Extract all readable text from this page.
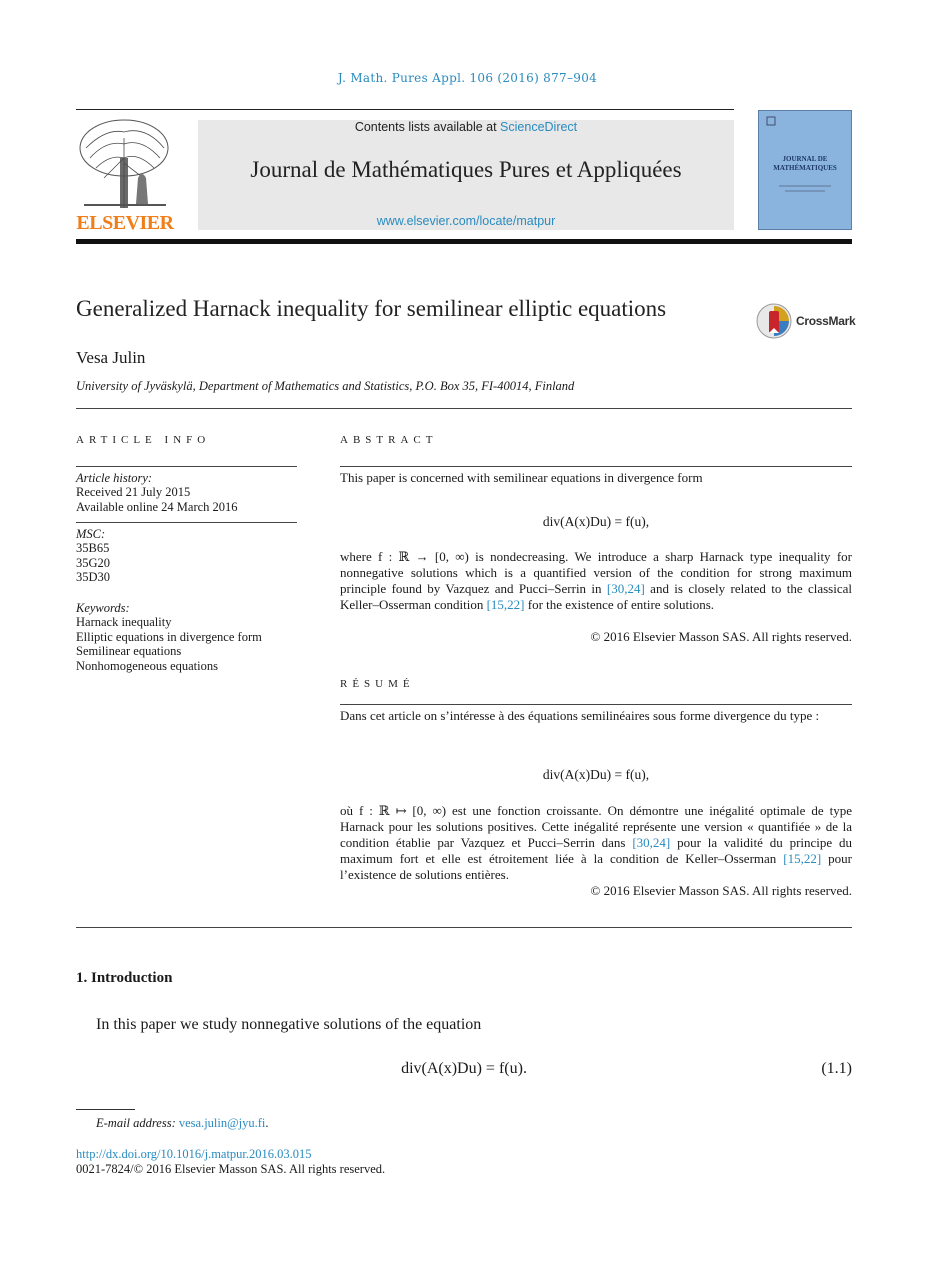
J. Math. Pures Appl. 106 (2016) 877–904
ELSEVIER
Contents lists available at ScienceDirect
Journal de Mathématiques Pures et Appliquées
www.elsevier.com/locate/matpur
JOURNAL DE MATHÉMATIQUES
Generalized Harnack inequality for semilinear elliptic equations	CrossMark
Vesa Julin
University of Jyväskylä, Department of Mathematics and Statistics, P.O. Box 35, FI-40014, Finland
ARTICLE INFO
Article history:
Received 21 July 2015
Available online 24 March 2016
MSC:
35B65
35G20
35D30
Keywords:
Harnack inequality
Elliptic equations in divergence form
Semilinear equations
Nonhomogeneous equations
ABSTRACT
This paper is concerned with semilinear equations in divergence form
div(A(x)Du) = f(u),
where f : ℝ → [0, ∞) is nondecreasing. We introduce a sharp Harnack type inequality for nonnegative solutions which is a quantified version of the condition for strong maximum principle found by Vazquez and Pucci–Serrin in [30,24] and is closely related to the classical Keller–Osserman condition [15,22] for the existence of entire solutions.
© 2016 Elsevier Masson SAS. All rights reserved.
RÉSUMÉ
Dans cet article on s’intéresse à des équations semilinéaires sous forme divergence du type :
div(A(x)Du) = f(u),
où f : ℝ ↦ [0, ∞) est une fonction croissante. On démontre une inégalité optimale de type Harnack pour les solutions positives. Cette inégalité représente une version « quantifiée » de la condition établie par Vazquez et Pucci–Serrin dans [30,24] pour la validité du principe du maximum fort et elle est étroitement liée à la condition de Keller–Osserman [15,22] pour l’existence de solutions entières.
© 2016 Elsevier Masson SAS. All rights reserved.
1. Introduction
In this paper we study nonnegative solutions of the equation
div(A(x)Du) = f(u).	(1.1)
E-mail address: vesa.julin@jyu.fi.
http://dx.doi.org/10.1016/j.matpur.2016.03.015
0021-7824/© 2016 Elsevier Masson SAS. All rights reserved.
